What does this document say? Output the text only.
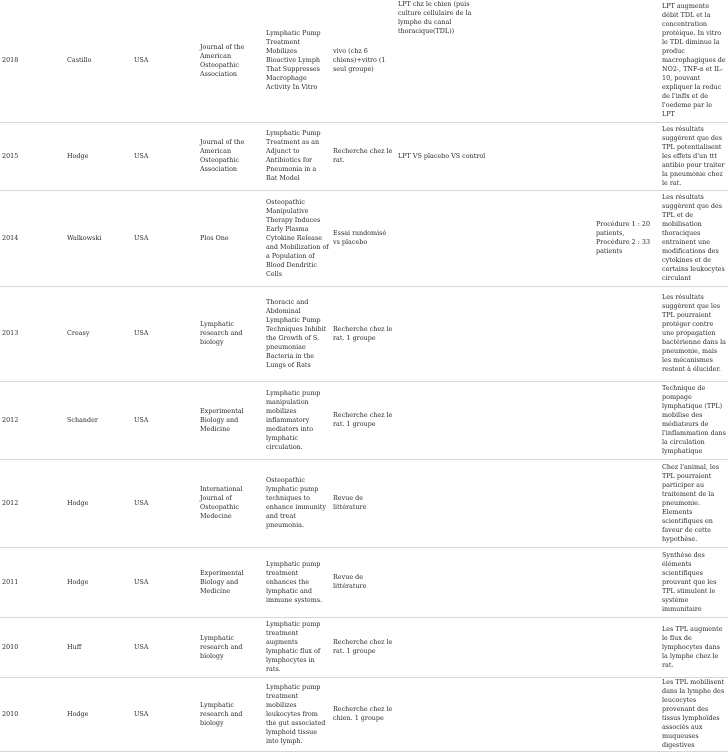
2018	Castillo	USA	Journal of the American Osteopathic Association	Lymphatic Pump Treatment Mobilizes Bioactive Lymph That Suppresses Macrophage Activity In Vitro	vivo (chz 6 chiens)+vitro (1 seul groupe)	LPT chz le chien (puis culture cellulaire de la lymphe du canal thoracique(TDL))			LPT augmente débit TDL et la concentration protéique. In vitro le TDL diminue la produc macrophagiques de NO2-, TNF-α et IL-10, pouvant expliquer la reduc de l'inflx et de l'oedeme par le LPT
2015	Hodge	USA	Journal of the American Osteopathic Association	Lymphatic Pump Treatment as an Adjunct to Antibiotics for Pneumonia in a Rat Model	Recherche chez le rat.	LPT VS placebo VS control			Les résultats suggérent que des TPL potentialisent les effets d'un ttt antibio pour traiter la pneumonie chez le rat.
2014	Walkowski	USA	Plos One	Osteopathic Manipulative Therapy Induces Early Plasma Cytokine Release and Mobilization of a Population of Blood Dendritic Cells	Essai randomisé vs placebo			Procédure 1 : 20 patients, Procédure 2 : 33 patients	Les résultats suggèrent que des TPL et de mobilisation thoraciques entrainent une modifications des cytokines et de certains leukocytes circulant
2013	Creasy	USA	Lymphatic research and biology	Thoracic and Abdominal Lymphatic Pump Techniques Inhibit the Growth of S. pneumoniae Bacteria in the Lungs of Rats	Recherche chez le rat. 1 groupe				Les résultats suggèrent que les TPL pourraient protéger contre une propagation bactérienne dans la pneumonie, mais les mécanismes restent à élucider.
2012	Schander	USA	Experimental Biology and Medicine	Lymphatic pump manipulation mobilizes inflammatory mediators into lymphatic circulation.	Recherche chez le rat. 1 groupe				Technique de pompage lymphatique (TPL) mobilise des médiateurs de l'inflammation dans la circulation lymphatique
2012	Hodge	USA	International Journal of Osteopathic Medecine	Osteopathic lymphatic pump techniques to enhance immunity and treat pneumonia.	Revue de littérature				Chez l'animal, les TPL pourraient participer au traitement de la pneumonie. Elements scientifiques en faveur de cette hypothèse.
2011	Hodge	USA	Experimental Biology and Medicine	Lymphatic pump treatment enhances the lymphatic and immune systems.	Revue de littérature				Synthèse des éléments scientifiques prouvant que les TPL stimulent le système immunitaire
2010	Huff	USA	Lymphatic research and biology	Lymphatic pump treatment augments lymphatic flux of lymphocytes in rats.	Recherche chez le rat. 1 groupe				Les TPL augmente le flux de lymphocytes dans la lymphe chez le rat.
2010	Hodge	USA	Lymphatic research and biology	Lymphatic pump treatment mobilizes leukocytes from the gut associated lymphoid tissue into lymph.	Recherche chez le chien. 1 groupe				Les TPL mobilisent dans la lymphe des leucocytes provenant des tissus lymphoïdes associés aux muqueuses digestives
